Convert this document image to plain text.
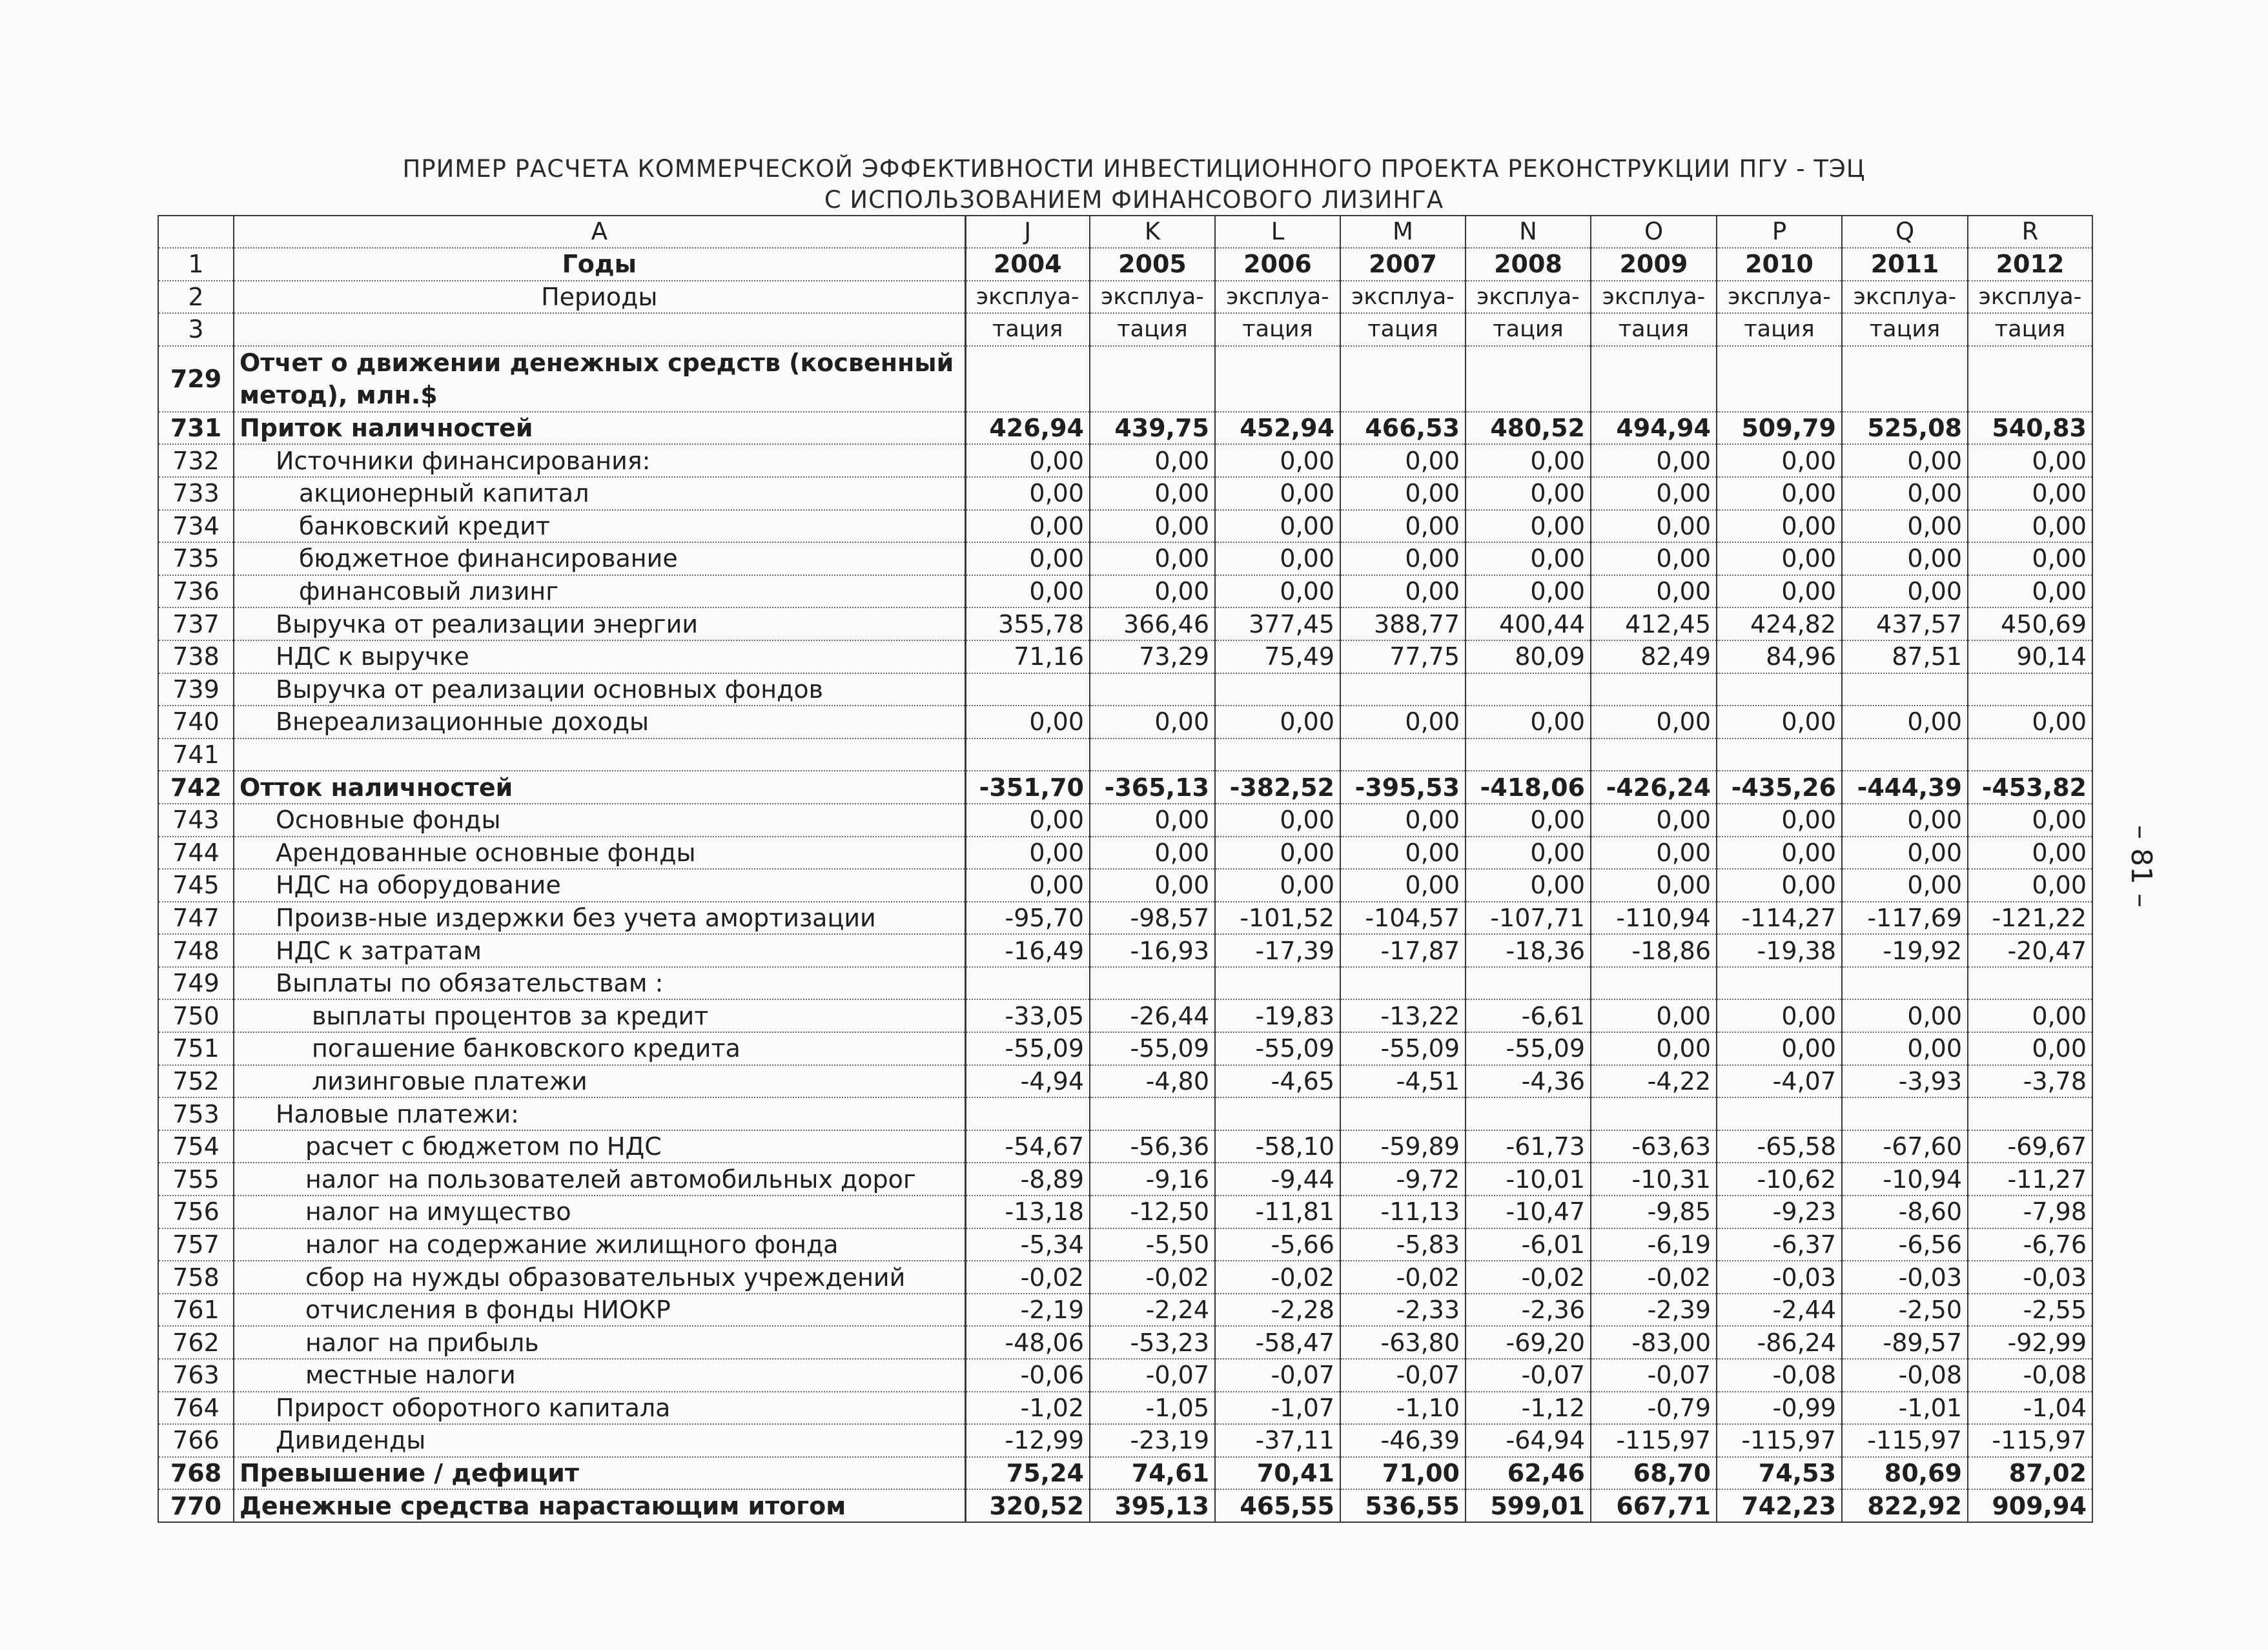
ПРИМЕР РАСЧЕТА КОММЕРЧЕСКОЙ ЭФФЕКТИВНОСТИ ИНВЕСТИЦИОННОГО ПРОЕКТА РЕКОНСТРУКЦИИ ПГУ - ТЭЦ
С ИСПОЛЬЗОВАНИЕМ ФИНАНСОВОГО ЛИЗИНГА
– 81 –
	A	J	K	L	M	N	O	P	Q	R
1	Годы	2004	2005	2006	2007	2008	2009	2010	2011	2012
2	Периоды	эксплуа-	эксплуа-	эксплуа-	эксплуа-	эксплуа-	эксплуа-	эксплуа-	эксплуа-	эксплуа-
3		тация	тация	тация	тация	тация	тация	тация	тация	тация
729	Отчет о движении денежных средств (косвенный метод), млн.$									
731	Приток наличностей	426,94	439,75	452,94	466,53	480,52	494,94	509,79	525,08	540,83
732	Источники финансирования:	0,00	0,00	0,00	0,00	0,00	0,00	0,00	0,00	0,00
733	акционерный капитал	0,00	0,00	0,00	0,00	0,00	0,00	0,00	0,00	0,00
734	банковский кредит	0,00	0,00	0,00	0,00	0,00	0,00	0,00	0,00	0,00
735	бюджетное финансирование	0,00	0,00	0,00	0,00	0,00	0,00	0,00	0,00	0,00
736	финансовый лизинг	0,00	0,00	0,00	0,00	0,00	0,00	0,00	0,00	0,00
737	Выручка от реализации энергии	355,78	366,46	377,45	388,77	400,44	412,45	424,82	437,57	450,69
738	НДС к выручке	71,16	73,29	75,49	77,75	80,09	82,49	84,96	87,51	90,14
739	Выручка от реализации основных фондов									
740	Внереализационные доходы	0,00	0,00	0,00	0,00	0,00	0,00	0,00	0,00	0,00
741										
742	Отток наличностей	-351,70	-365,13	-382,52	-395,53	-418,06	-426,24	-435,26	-444,39	-453,82
743	Основные фонды	0,00	0,00	0,00	0,00	0,00	0,00	0,00	0,00	0,00
744	Арендованные основные фонды	0,00	0,00	0,00	0,00	0,00	0,00	0,00	0,00	0,00
745	НДС на оборудование	0,00	0,00	0,00	0,00	0,00	0,00	0,00	0,00	0,00
747	Произв-ные издержки без учета амортизации	-95,70	-98,57	-101,52	-104,57	-107,71	-110,94	-114,27	-117,69	-121,22
748	НДС к затратам	-16,49	-16,93	-17,39	-17,87	-18,36	-18,86	-19,38	-19,92	-20,47
749	Выплаты по обязательствам :									
750	выплаты процентов за кредит	-33,05	-26,44	-19,83	-13,22	-6,61	0,00	0,00	0,00	0,00
751	погашение банковского кредита	-55,09	-55,09	-55,09	-55,09	-55,09	0,00	0,00	0,00	0,00
752	лизинговые платежи	-4,94	-4,80	-4,65	-4,51	-4,36	-4,22	-4,07	-3,93	-3,78
753	Наловые платежи:									
754	расчет с бюджетом по НДС	-54,67	-56,36	-58,10	-59,89	-61,73	-63,63	-65,58	-67,60	-69,67
755	налог на пользователей автомобильных дорог	-8,89	-9,16	-9,44	-9,72	-10,01	-10,31	-10,62	-10,94	-11,27
756	налог на имущество	-13,18	-12,50	-11,81	-11,13	-10,47	-9,85	-9,23	-8,60	-7,98
757	налог на содержание жилищного фонда	-5,34	-5,50	-5,66	-5,83	-6,01	-6,19	-6,37	-6,56	-6,76
758	сбор на нужды образовательных учреждений	-0,02	-0,02	-0,02	-0,02	-0,02	-0,02	-0,03	-0,03	-0,03
761	отчисления в фонды НИОКР	-2,19	-2,24	-2,28	-2,33	-2,36	-2,39	-2,44	-2,50	-2,55
762	налог на прибыль	-48,06	-53,23	-58,47	-63,80	-69,20	-83,00	-86,24	-89,57	-92,99
763	местные налоги	-0,06	-0,07	-0,07	-0,07	-0,07	-0,07	-0,08	-0,08	-0,08
764	Прирост оборотного капитала	-1,02	-1,05	-1,07	-1,10	-1,12	-0,79	-0,99	-1,01	-1,04
766	Дивиденды	-12,99	-23,19	-37,11	-46,39	-64,94	-115,97	-115,97	-115,97	-115,97
768	Превышение / дефицит	75,24	74,61	70,41	71,00	62,46	68,70	74,53	80,69	87,02
770	Денежные средства нарастающим итогом	320,52	395,13	465,55	536,55	599,01	667,71	742,23	822,92	909,94
